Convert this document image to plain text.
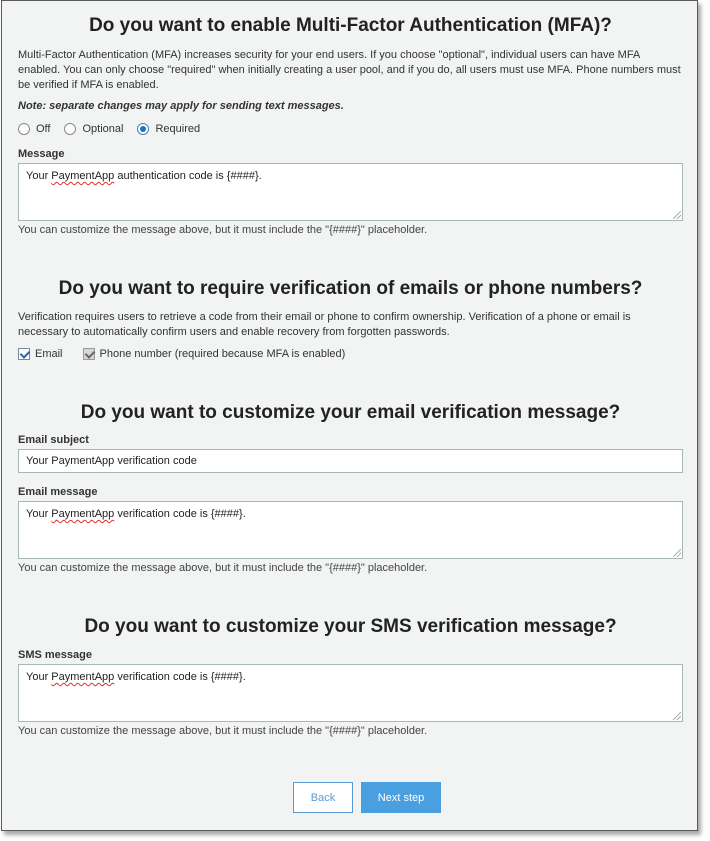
Do you want to enable Multi-Factor Authentication (MFA)?
Multi-Factor Authentication (MFA) increases security for your end users. If you choose "optional", individual users can have MFA enabled. You can only choose "required" when initially creating a user pool, and if you do, all users must use MFA. Phone numbers must be verified if MFA is enabled.
Note: separate changes may apply for sending text messages.
Off	Optional	Required
Message
Your PaymentApp authentication code is {####}.
You can customize the message above, but it must include the "{####}" placeholder.
Do you want to require verification of emails or phone numbers?
Verification requires users to retrieve a code from their email or phone to confirm ownership. Verification of a phone or email is necessary to automatically confirm users and enable recovery from forgotten passwords.
Email	Phone number (required because MFA is enabled)
Do you want to customize your email verification message?
Email subject
Your PaymentApp verification code
Email message
Your PaymentApp verification code is {####}.
You can customize the message above, but it must include the "{####}" placeholder.
Do you want to customize your SMS verification message?
SMS message
Your PaymentApp verification code is {####}.
You can customize the message above, but it must include the "{####}" placeholder.
Back	Next step
